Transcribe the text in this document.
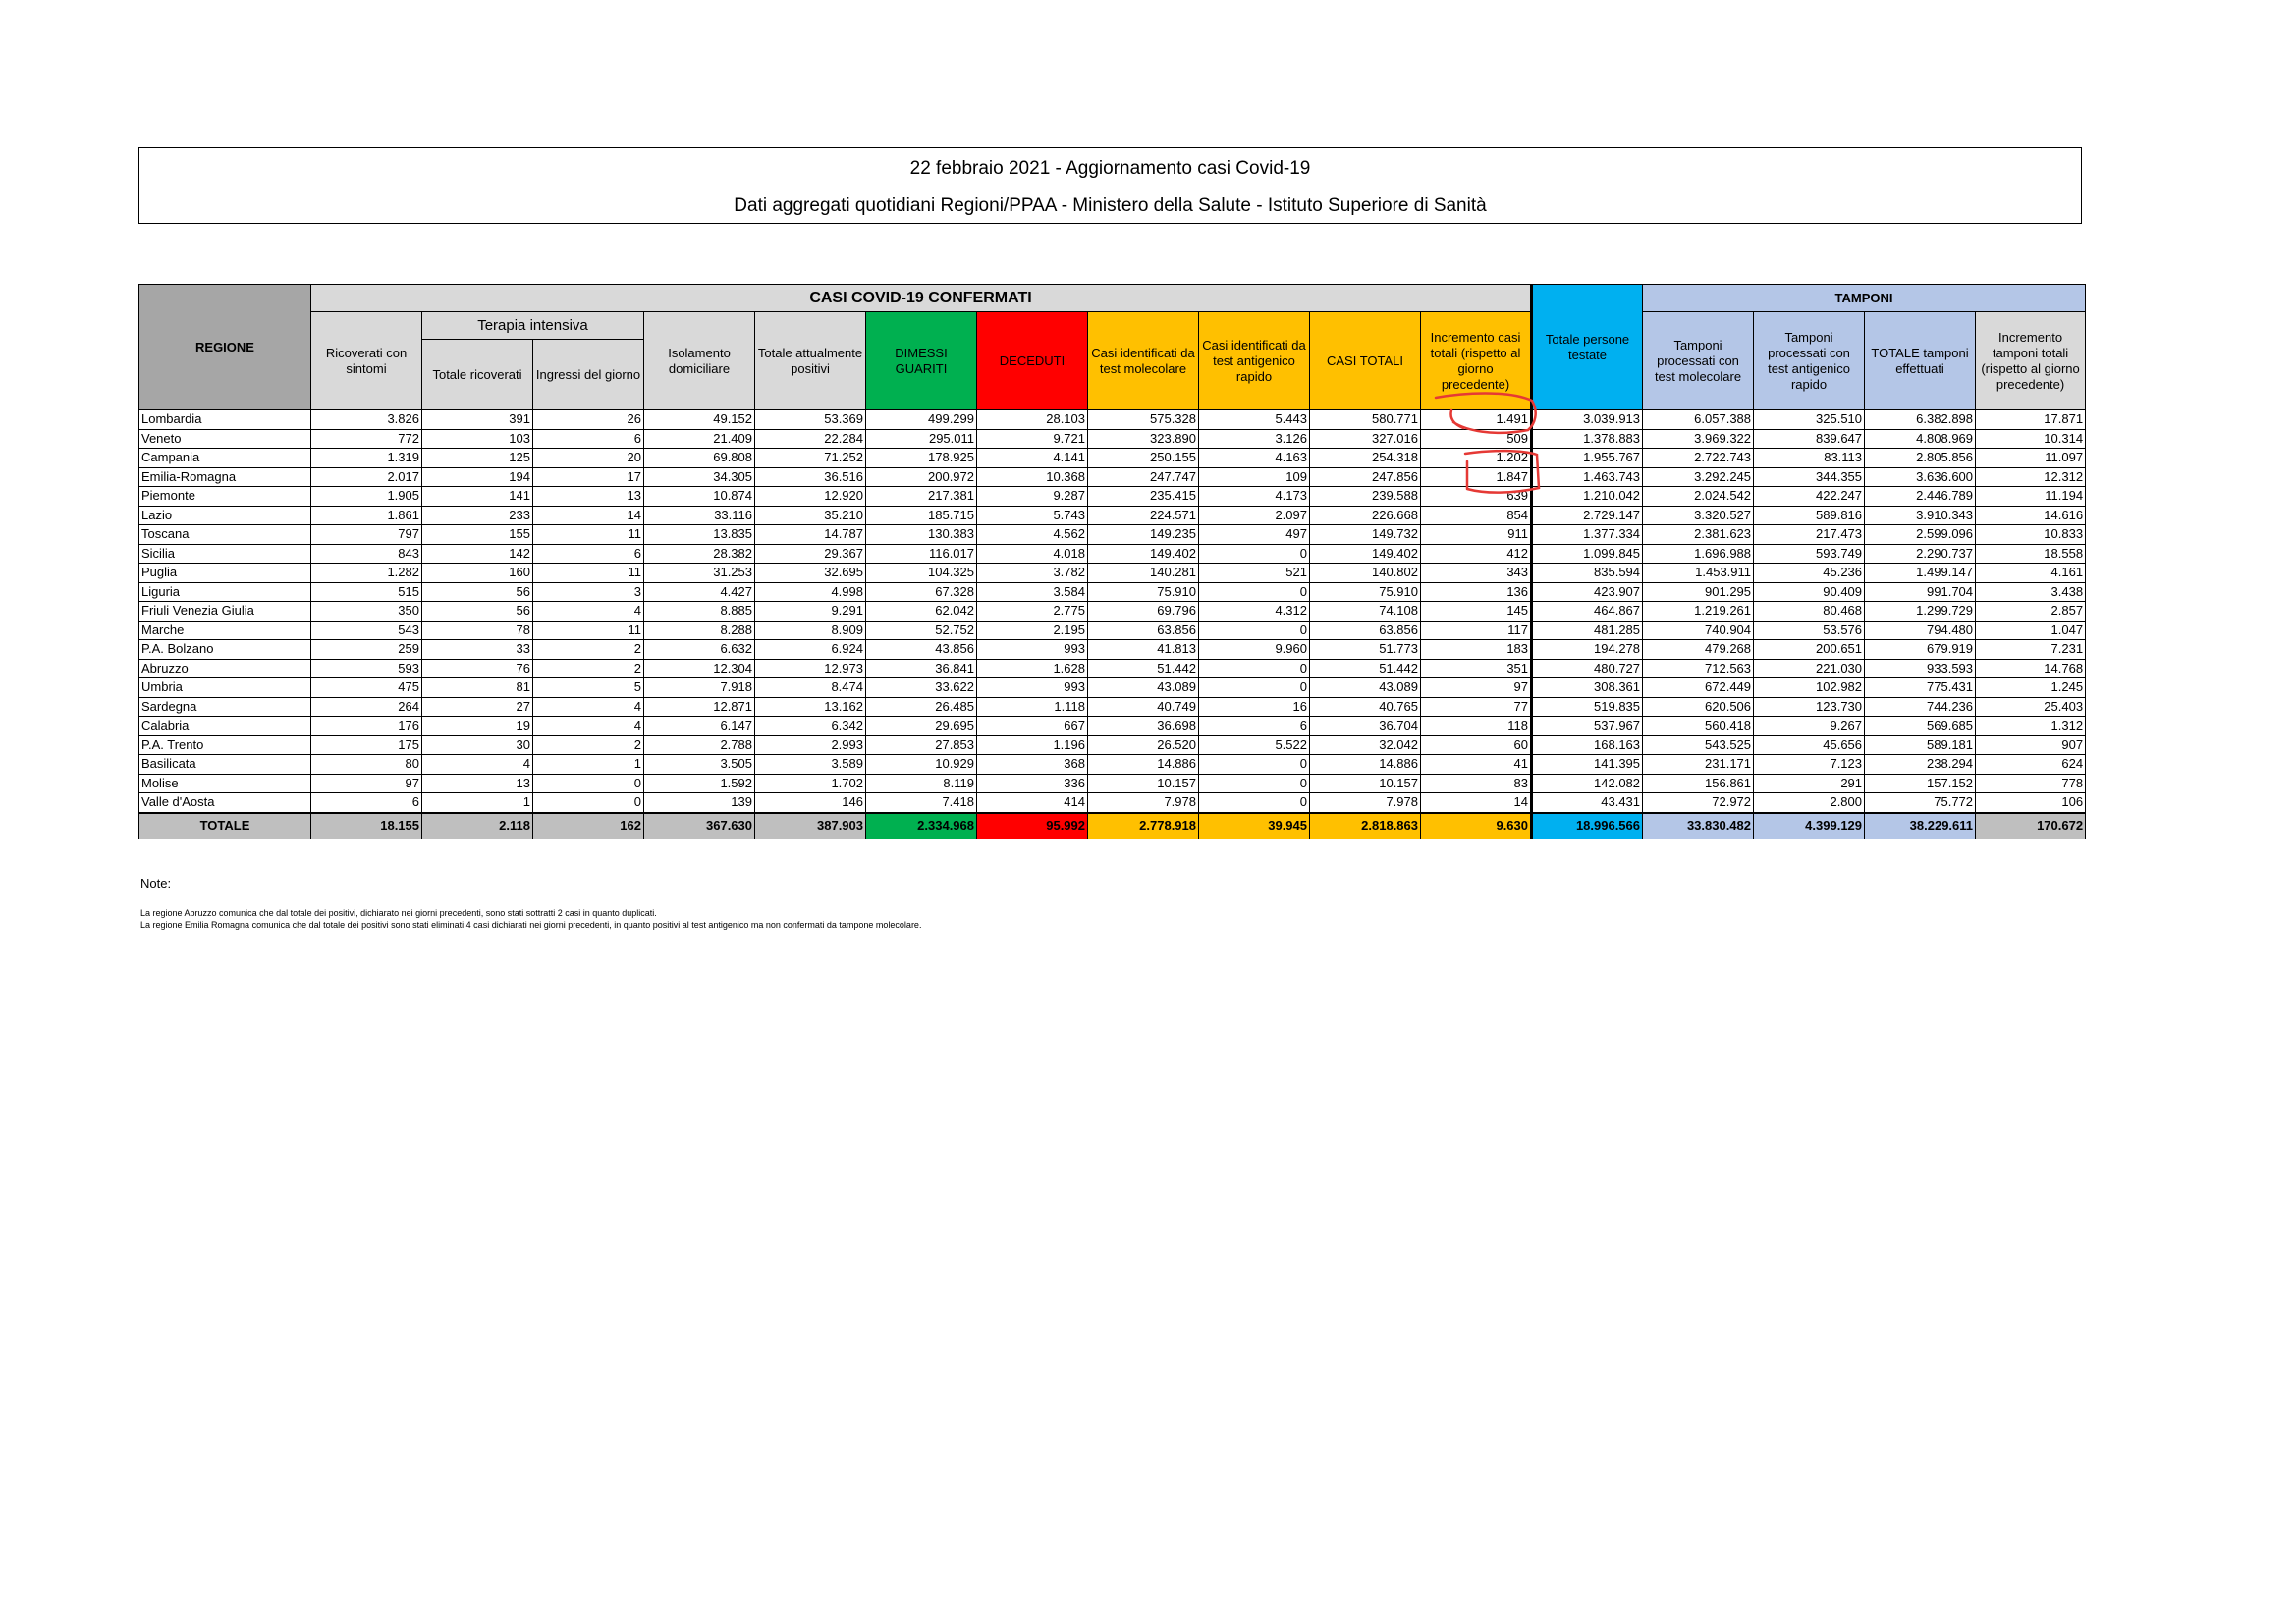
22 febbraio 2021 - Aggiornamento casi Covid-19
Dati aggregati quotidiani Regioni/PPAA - Ministero della Salute - Istituto Superiore di Sanità
REGIONE	CASI COVID-19 CONFERMATI											Totale persone testate	TAMPONI			
	Ricoverati con sintomi	Terapia intensiva		Isolamento domiciliare	Totale attualmente positivi	DIMESSI GUARITI	DECEDUTI	Casi identificati da test molecolare	Casi identificati da test antigenico rapido	CASI TOTALI	Incremento casi totali (rispetto al giorno precedente)		Tamponi processati con test molecolare	Tamponi processati con test antigenico rapido	TOTALE tamponi effettuati	Incremento tamponi totali (rispetto al giorno precedente)
		Totale ricoverati	Ingressi del giorno													
Lombardia	3.826	391	26	49.152	53.369	499.299	28.103	575.328	5.443	580.771	1.491	3.039.913	6.057.388	325.510	6.382.898	17.871
Veneto	772	103	6	21.409	22.284	295.011	9.721	323.890	3.126	327.016	509	1.378.883	3.969.322	839.647	4.808.969	10.314
Campania	1.319	125	20	69.808	71.252	178.925	4.141	250.155	4.163	254.318	1.202	1.955.767	2.722.743	83.113	2.805.856	11.097
Emilia-Romagna	2.017	194	17	34.305	36.516	200.972	10.368	247.747	109	247.856	1.847	1.463.743	3.292.245	344.355	3.636.600	12.312
Piemonte	1.905	141	13	10.874	12.920	217.381	9.287	235.415	4.173	239.588	639	1.210.042	2.024.542	422.247	2.446.789	11.194
Lazio	1.861	233	14	33.116	35.210	185.715	5.743	224.571	2.097	226.668	854	2.729.147	3.320.527	589.816	3.910.343	14.616
Toscana	797	155	11	13.835	14.787	130.383	4.562	149.235	497	149.732	911	1.377.334	2.381.623	217.473	2.599.096	10.833
Sicilia	843	142	6	28.382	29.367	116.017	4.018	149.402	0	149.402	412	1.099.845	1.696.988	593.749	2.290.737	18.558
Puglia	1.282	160	11	31.253	32.695	104.325	3.782	140.281	521	140.802	343	835.594	1.453.911	45.236	1.499.147	4.161
Liguria	515	56	3	4.427	4.998	67.328	3.584	75.910	0	75.910	136	423.907	901.295	90.409	991.704	3.438
Friuli Venezia Giulia	350	56	4	8.885	9.291	62.042	2.775	69.796	4.312	74.108	145	464.867	1.219.261	80.468	1.299.729	2.857
Marche	543	78	11	8.288	8.909	52.752	2.195	63.856	0	63.856	117	481.285	740.904	53.576	794.480	1.047
P.A. Bolzano	259	33	2	6.632	6.924	43.856	993	41.813	9.960	51.773	183	194.278	479.268	200.651	679.919	7.231
Abruzzo	593	76	2	12.304	12.973	36.841	1.628	51.442	0	51.442	351	480.727	712.563	221.030	933.593	14.768
Umbria	475	81	5	7.918	8.474	33.622	993	43.089	0	43.089	97	308.361	672.449	102.982	775.431	1.245
Sardegna	264	27	4	12.871	13.162	26.485	1.118	40.749	16	40.765	77	519.835	620.506	123.730	744.236	25.403
Calabria	176	19	4	6.147	6.342	29.695	667	36.698	6	36.704	118	537.967	560.418	9.267	569.685	1.312
P.A. Trento	175	30	2	2.788	2.993	27.853	1.196	26.520	5.522	32.042	60	168.163	543.525	45.656	589.181	907
Basilicata	80	4	1	3.505	3.589	10.929	368	14.886	0	14.886	41	141.395	231.171	7.123	238.294	624
Molise	97	13	0	1.592	1.702	8.119	336	10.157	0	10.157	83	142.082	156.861	291	157.152	778
Valle d'Aosta	6	1	0	139	146	7.418	414	7.978	0	7.978	14	43.431	72.972	2.800	75.772	106
TOTALE	18.155	2.118	162	367.630	387.903	2.334.968	95.992	2.778.918	39.945	2.818.863	9.630	18.996.566	33.830.482	4.399.129	38.229.611	170.672
Note:
La regione Abruzzo comunica che dal totale dei positivi, dichiarato nei giorni precedenti, sono stati sottratti 2 casi in quanto duplicati.
La regione Emilia Romagna comunica che dal totale dei positivi sono stati eliminati 4 casi dichiarati nei giorni precedenti, in quanto positivi al test antigenico ma non confermati da tampone molecolare.
